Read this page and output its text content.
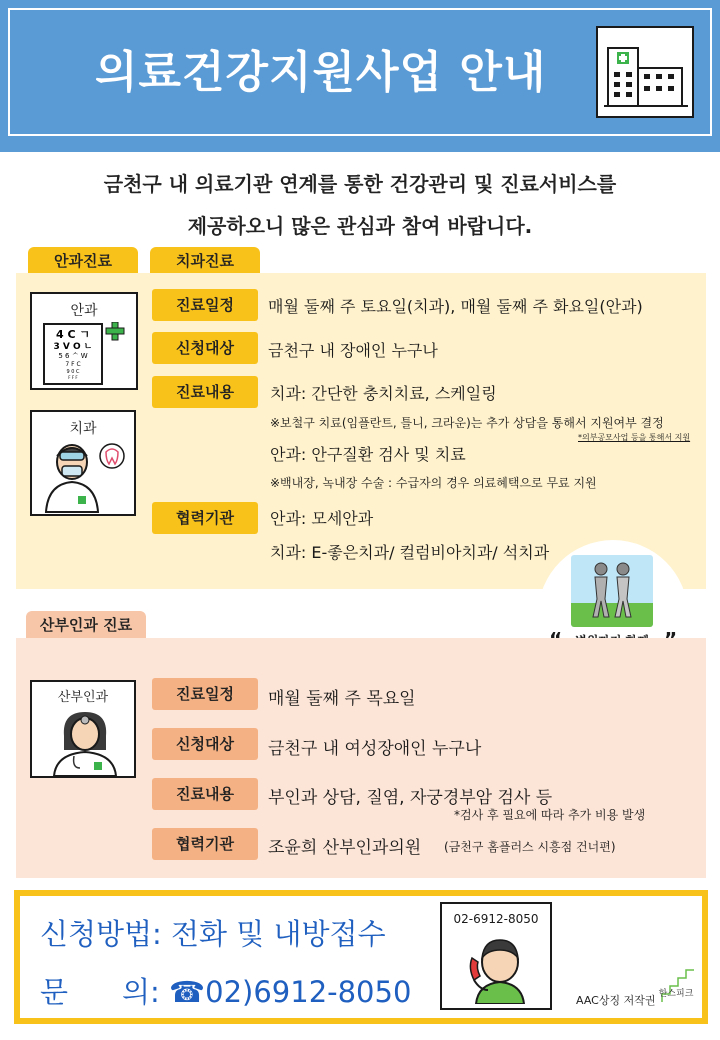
의료건강지원사업 안내
금천구 내 의료기관 연계를 통한 건강관리 및 진료서비스를
제공하오니 많은 관심과 참여 바랍니다.
안과진료	치과진료
안과
4 C ㄱ
3 V O ㄴ
5 6 ᄉ W
7 F C
9 0 C
F F F
치과
진료일정	매월 둘째 주 토요일(치과), 매월 둘째 주 화요일(안과)
신청대상	금천구 내 장애인 누구나
진료내용	치과: 간단한 충치치료, 스케일링
※보철구 치료(임플란트, 틀니, 크라운)는 추가 상담을 통해서 지원여부 결정
*의부공모사업 등을 통해서 지원
안과: 안구질환 검사 및 치료
※백내장, 녹내장 수술 : 수급자의 경우 의료혜택으로 무료 지원
협력기관	안과: 모세안과
치과: E-좋은치과/ 컬럼비아치과/ 석치과
산부인과 진료
산부인과	진료일정	매월 둘째 주 목요일
신청대상	금천구 내 여성장애인 누구나
진료내용	부인과 상담, 질염, 자궁경부암 검사 등
*검사 후 필요에 따라 추가 비용 발생
협력기관	조윤희 산부인과의원 (금천구 홈플러스 시흥점 건너편)
신청방법: 전화 및 내방접수
문 의: ☎02)6912-8050
02-6912-8050
AAC상징 저작권 한스피크
